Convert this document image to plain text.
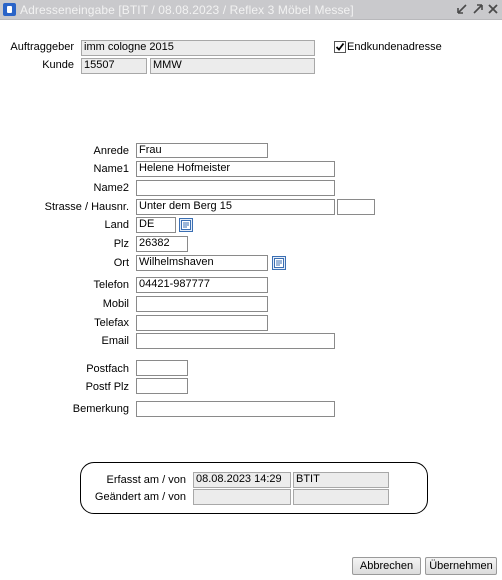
Adresseneingabe [BTIT / 08.08.2023 / Reflex 3 Möbel Messe]
Auftraggeber imm cologne 2015
Kunde 15507	MMW
Endkundenadresse
Anrede Frau
Name1 Helene Hofmeister
Name2
Strasse / Hausnr. Unter dem Berg 15
Land DE
Plz 26382
Ort Wilhelmshaven
Telefon 04421-987777
Mobil
Telefax
Email
Postfach
Postf Plz
Bemerkung
Erfasst am / von 08.08.2023 14:29	BTIT
Geändert am / von
Abbrechen	Übernehmen
